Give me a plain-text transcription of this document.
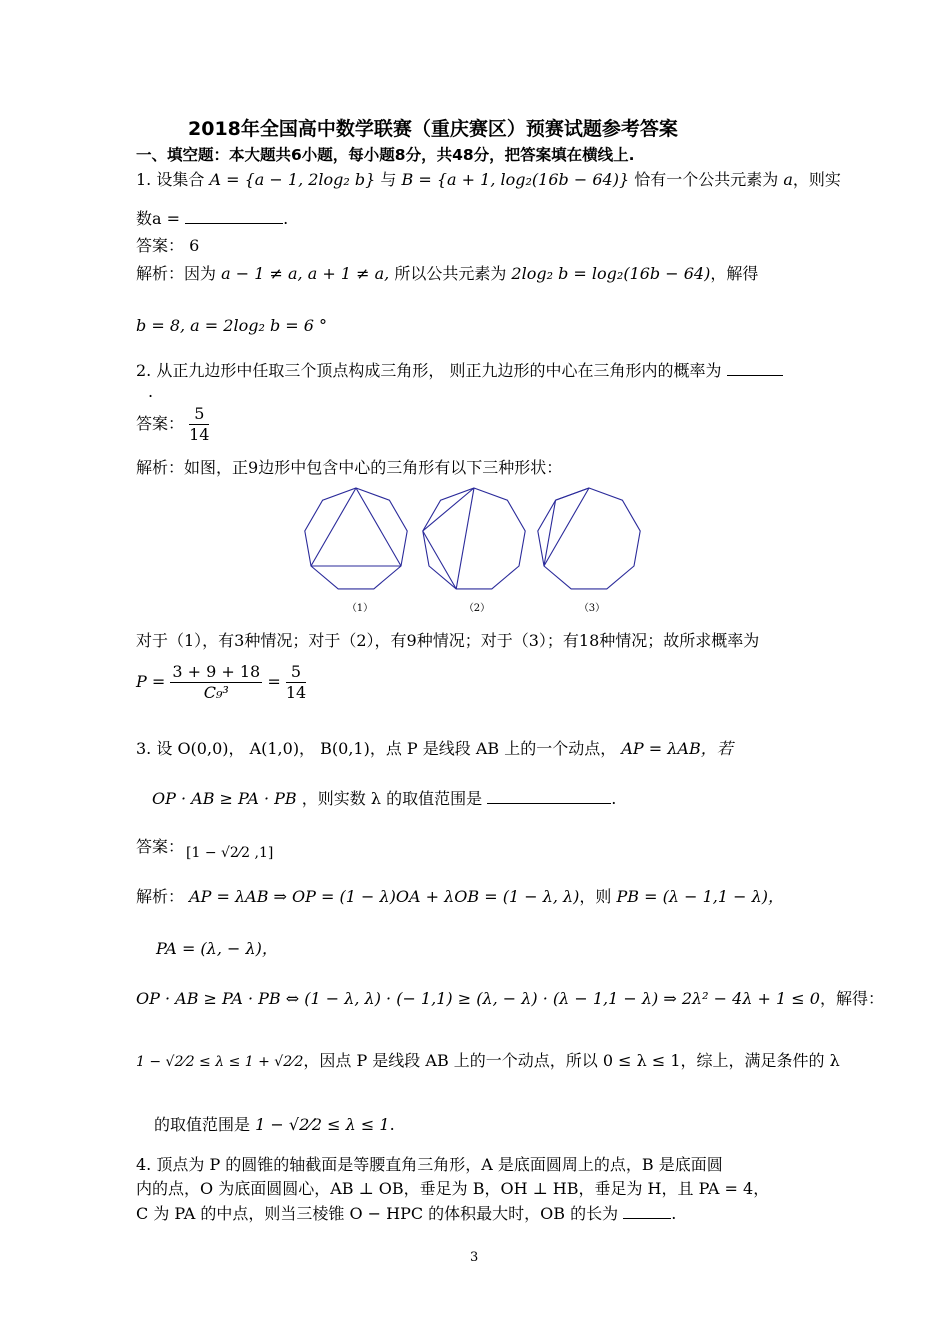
2018年全国高中数学联赛（重庆赛区）预赛试题参考答案
一、填空题：本大题共6小题，每小题8分，共48分，把答案填在横线上.
1. 设集合 A = {a − 1, 2log₂ b} 与 B = {a + 1, log₂(16b − 64)} 恰有一个公共元素为 a，则实
数a =	.
答案： 6
解析：因为 a − 1 ≠ a, a + 1 ≠ a, 所以公共元素为 2log₂ b = log₂(16b − 64)，解得
b = 8, a = 2log₂ b = 6 °
2. 从正九边形中任取三个顶点构成三角形， 则正九边形的中心在三角形内的概率为
.
答案： $\frac{5}{14}$
解析：如图，正9边形中包含中心的三角形有以下三种形状：
（1）	（2）	（3）
对于（1），有3种情况；对于（2），有9种情况；对于（3）；有18种情况；故所求概率为
$P = \frac{3 + 9 + 18}{\text{C₉³}} = \frac{5}{14}$
3. 设 O(0,0)， A(1,0)， B(0,1)，点 P 是线段 AB 上的一个动点， AP = λAB，若
OP · AB ≥ PA · PB ，则实数 λ 的取值范围是	.
答案： [1 − √2⁄2 ,1]
解析： AP = λAB ⇒ OP = (1 − λ)OA + λOB = (1 − λ, λ)，则 PB = (λ − 1,1 − λ)，
PA = (λ, − λ)，
OP · AB ≥ PA · PB ⇔ (1 − λ, λ) · (− 1,1) ≥ (λ, − λ) · (λ − 1,1 − λ) ⇒ 2λ² − 4λ + 1 ≤ 0，解得：
1 − √2⁄2 ≤ λ ≤ 1 + √2⁄2，因点 P 是线段 AB 上的一个动点，所以 0 ≤ λ ≤ 1，综上，满足条件的 λ
的取值范围是 1 − √2⁄2 ≤ λ ≤ 1.
4. 顶点为 P 的圆锥的轴截面是等腰直角三角形，A 是底面圆周上的点，B 是底面圆
内的点，O 为底面圆圆心，AB ⊥ OB，垂足为 B，OH ⊥ HB，垂足为 H，且 PA = 4，
C 为 PA 的中点，则当三棱锥 O − HPC 的体积最大时，OB 的长为	.
3
